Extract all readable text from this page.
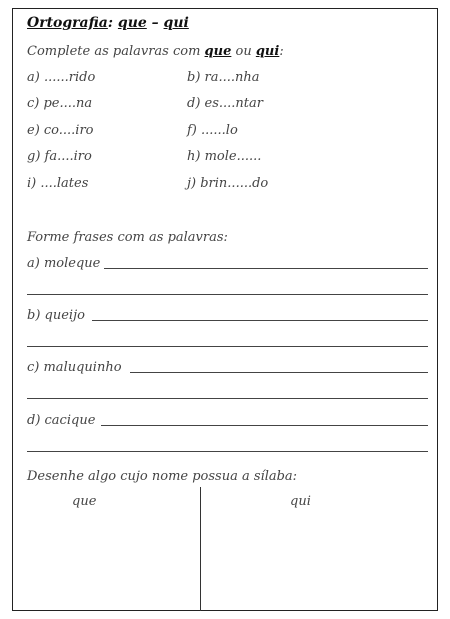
Ortografia: que – qui
Complete as palavras com que ou qui:
a) ......rido	b) ra....nha
c) pe....na	d) es....ntar
e) co....iro	f) ......lo
g) fa....iro	h) mole......
i) ....lates	j) brin......do
Forme frases com as palavras:
a) moleque
b) queijo
c) maluquinho
d) cacique
Desenhe algo cujo nome possua a sílaba:
que	qui
